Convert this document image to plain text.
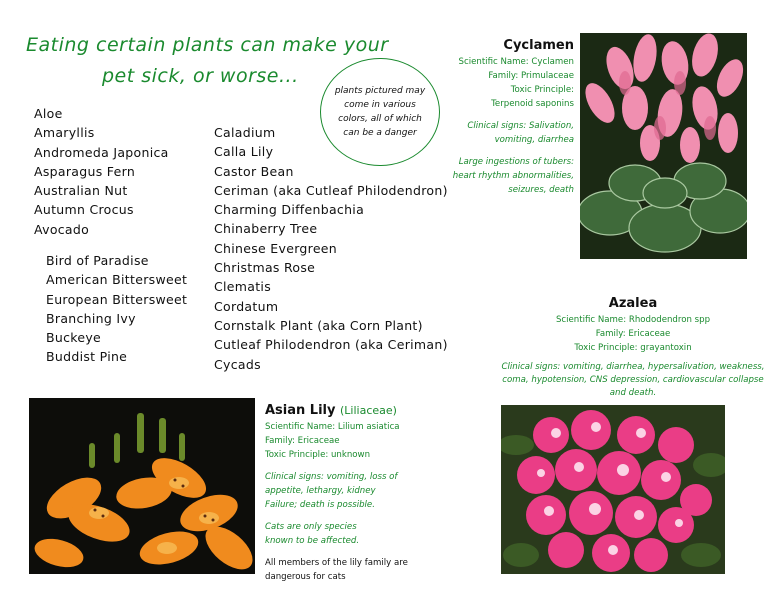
Eating certain plants can make your
pet sick, or worse...
plants pictured may come in various colors, all of which can be a danger
Aloe
Amaryllis
Andromeda Japonica
Asparagus Fern
Australian Nut
Autumn Crocus
Avocado
Bird of Paradise
American Bittersweet
European Bittersweet
Branching Ivy
Buckeye
Buddist Pine
Caladium
Calla Lily
Castor Bean
Ceriman (aka Cutleaf Philodendron)
Charming Diffenbachia
Chinaberry Tree
Chinese Evergreen
Christmas Rose
Clematis
Cordatum
Cornstalk Plant (aka Corn Plant)
Cutleaf Philodendron (aka Ceriman)
Cycads
Cyclamen
Scientific Name: Cyclamen
Family: Primulaceae
Toxic Principle:
Terpenoid saponins
Clinical signs: Salivation, vomiting, diarrhea
Large ingestions of tubers: heart rhythm abnormalities, seizures, death
Azalea
Scientific Name: Rhododendron spp
Family: Ericaceae
Toxic Principle: grayantoxin
Clinical signs: vomiting, diarrhea, hypersalivation, weakness, coma, hypotension, CNS depression, cardiovascular collapse and death.
Asian Lily (Liliaceae)
Scientific Name: Lilium asiatica
Family: Ericaceae
Toxic Principle: unknown
Clinical signs: vomiting, loss of appetite, lethargy, kidney Failure; death is possible.
Cats are only species known to be affected.
All members of the lily family are dangerous for cats
